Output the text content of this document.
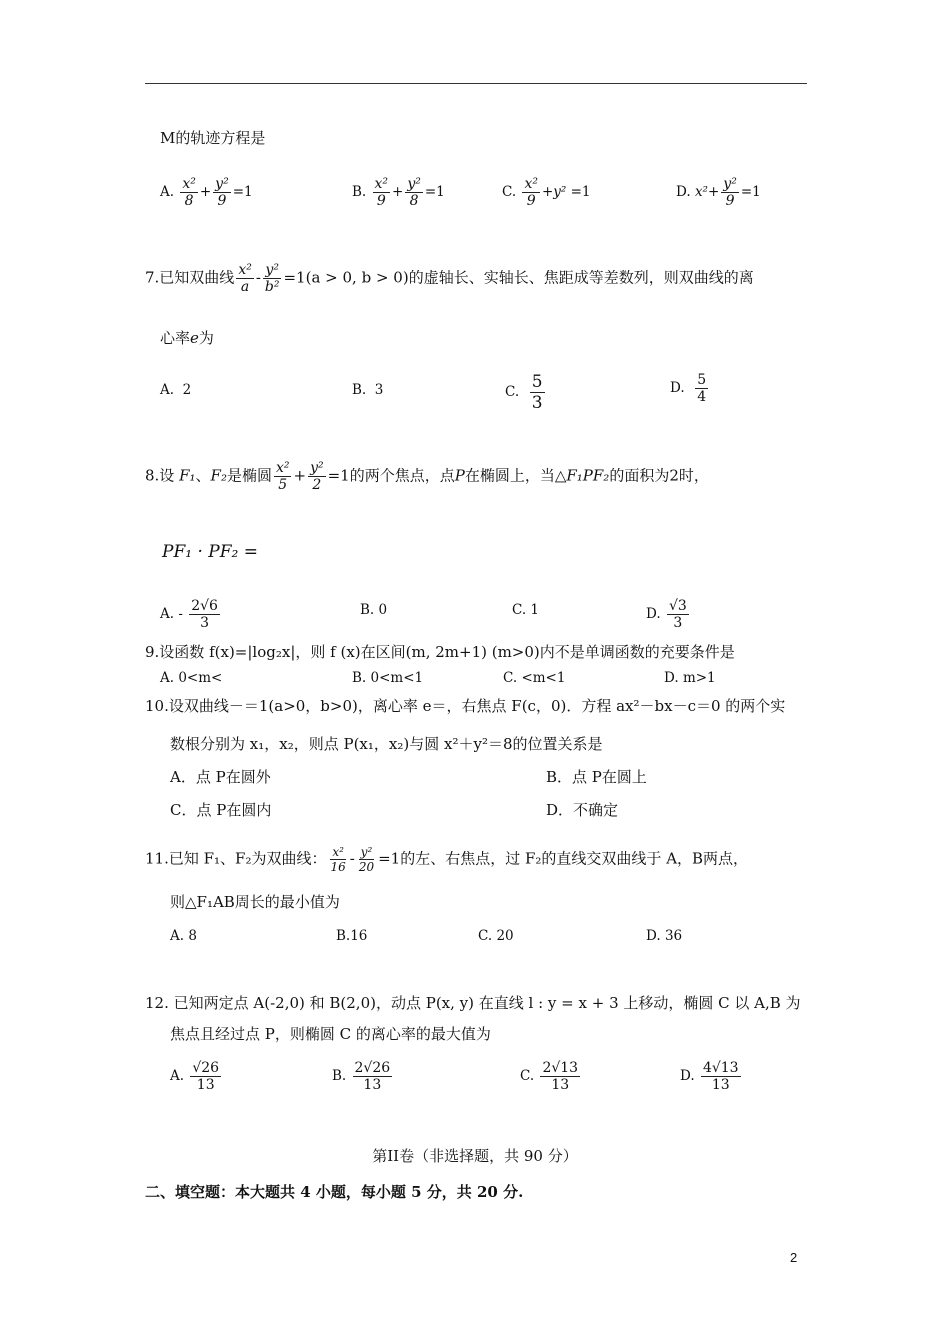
M的轨迹方程是
A. $\frac{\text{x²}}{8} + \frac{\text{y²}}{9} =1$	B. $\frac{\text{x²}}{9} + \frac{\text{y²}}{8} =1$	C. $\frac{\text{x²}}{9} +y^2 =1$	D. $x^2+ \frac{\text{y²}}{9} =1$
7.已知双曲线 $\frac{\text{x²}}{a} - \frac{\text{y²}}{\text{b²}} =1(a > 0$, b > 0)的虚轴长、实轴长、焦距成等差数列，则双曲线的离
心率e为
A.  2	B.  3	C. $\frac{5}{3}$	D. $\frac{5}{4}$
8.设 F₁、F₂是椭圆 $\frac{\text{x²}}{5} + \frac{\text{y²}}{2} =1$的两个焦点，点P在椭圆上，当△F₁PF₂的面积为2时，
PF₁ · PF₂ =
A. - $\frac{2√6}{3}$	B. 0	C. 1	D. $\frac{√3}{3}$
9.设函数 f(x)=|log₂x|，则 f (x)在区间(m, 2m+1) (m>0)内不是单调函数的充要条件是
A. 0<m<	B. 0<m<1	C. <m<1	D. m>1
10.设双曲线－＝1(a>0，b>0)，离心率 e＝，右焦点 F(c，0)．方程 ax²－bx－c＝0 的两个实
数根分别为 x₁，x₂，则点 P(x₁，x₂)与圆 x²＋y²＝8的位置关系是
A．点 P在圆外	B．点 P在圆上
C．点 P在圆内	D．不确定
11.已知 F₁、F₂为双曲线： $\frac{\text{x²}}{16} - \frac{\text{y²}}{20} =1$的左、右焦点，过 F₂的直线交双曲线于 A，B两点，
则△F₁AB周长的最小值为
A. 8	B.16	C. 20	D. 36
12. 已知两定点 A(-2,0) 和 B(2,0)，动点 P(x, y) 在直线 l : y = x + 3 上移动，椭圆 C 以 A,B 为
焦点且经过点 P，则椭圆 C 的离心率的最大值为
A. $\frac{√26}{13}$	B. $\frac{2√26}{13}$	C. $\frac{2√13}{13}$	D. $\frac{4√13}{13}$
第II卷（非选择题，共 90 分）
二、填空题：本大题共 4 小题，每小题 5 分，共 20 分.
2
